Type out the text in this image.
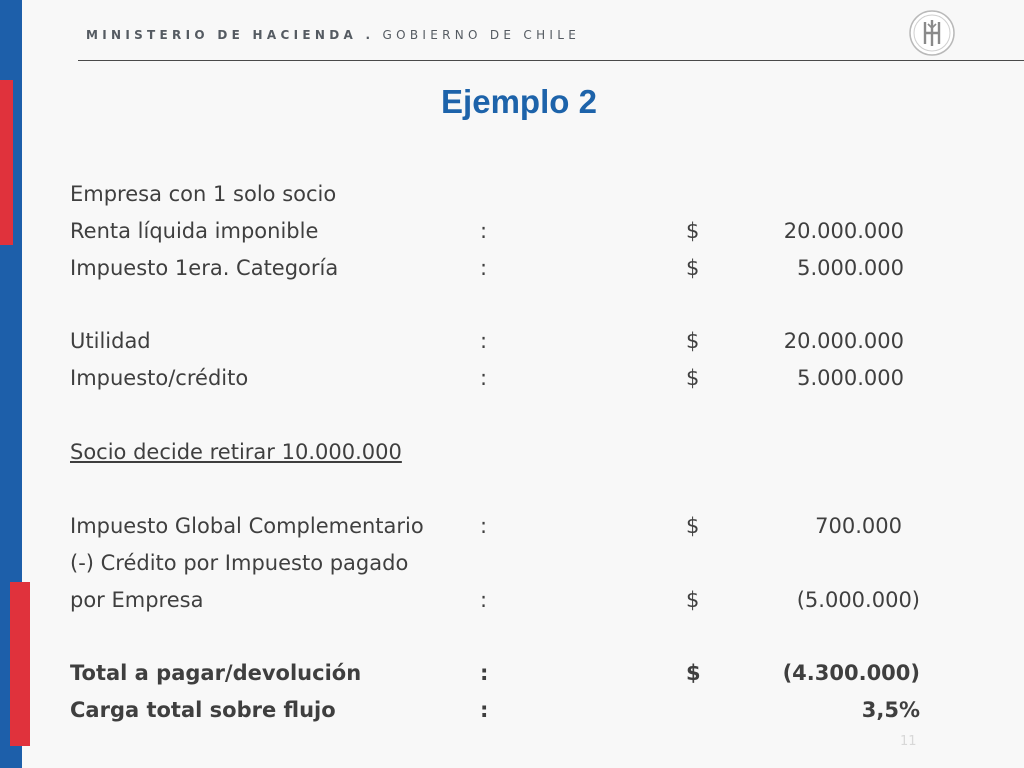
MINISTERIO DE HACIENDA . GOBIERNO DE CHILE
Ejemplo 2
Empresa con 1 solo socio
Renta líquida imponible	:	$	20.000.000
Impuesto 1era. Categoría	:	$	5.000.000
Utilidad	:	$	20.000.000
Impuesto/crédito	:	$	5.000.000
Socio decide retirar 10.000.000
Impuesto Global Complementario	:	$	700.000
(-) Crédito por Impuesto pagado
por Empresa	:	$	(5.000.000)
Total a pagar/devolución	:	$	(4.300.000)
Carga total sobre flujo	:	3,5%
11
